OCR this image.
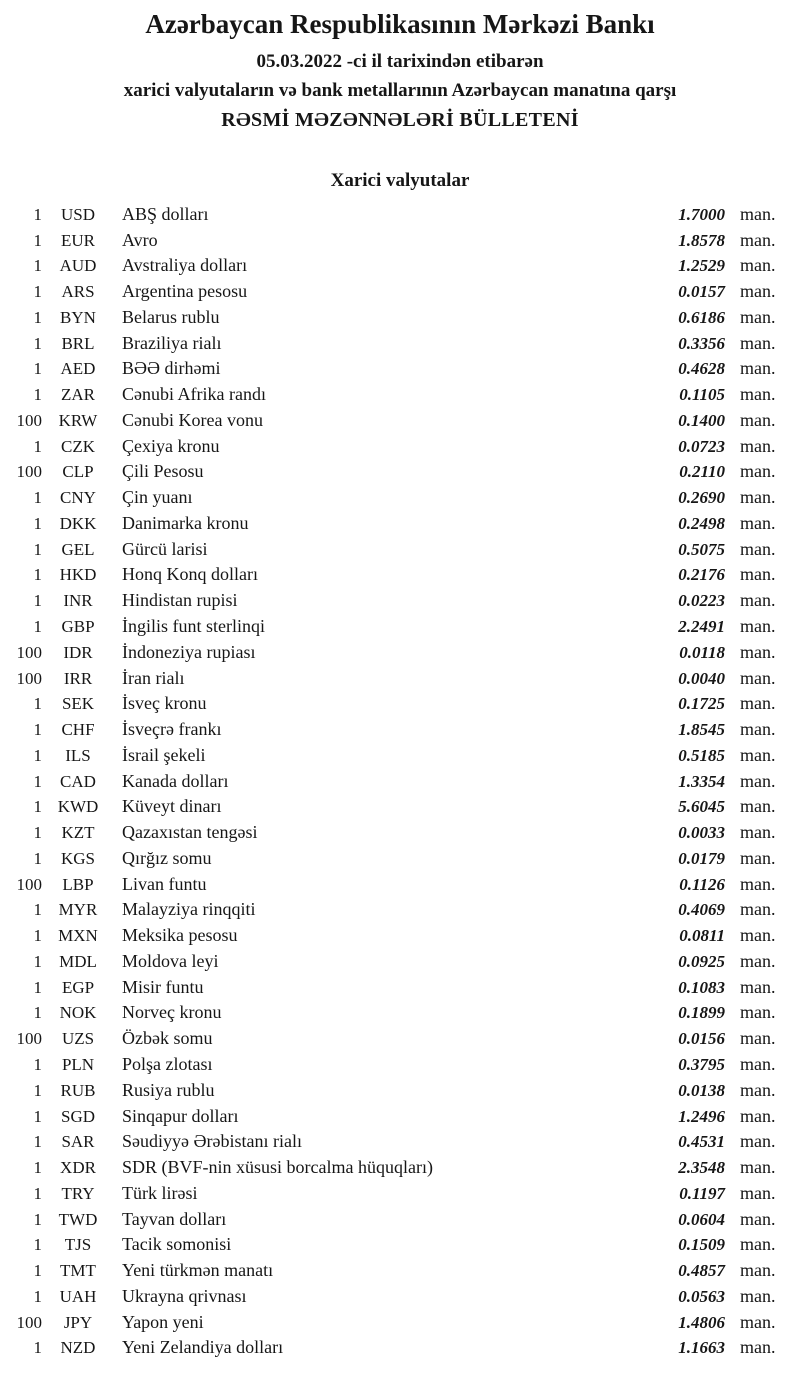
Azərbaycan Respublikasının Mərkəzi Bankı
05.03.2022 -ci il tarixindən etibarən
xarici valyutaların və bank metallarının Azərbaycan manatına qarşı
RƏSMİ MƏZƏNNƏLƏRİ BÜLLETENİ
Xarici valyutalar
1	USD	ABŞ dolları	1.7000 man.
1	EUR	Avro	1.8578 man.
1	AUD	Avstraliya dolları	1.2529 man.
1	ARS	Argentina pesosu	0.0157 man.
1	BYN	Belarus rublu	0.6186 man.
1	BRL	Braziliya rialı	0.3356 man.
1	AED	BƏƏ dirhəmi	0.4628 man.
1	ZAR	Cənubi Afrika randı	0.1105 man.
100 KRW	Cənubi Korea vonu	0.1400 man.
1	CZK	Çexiya kronu	0.0723 man.
100	CLP	Çili Pesosu	0.2110 man.
1	CNY	Çin yuanı	0.2690 man.
1	DKK	Danimarka kronu	0.2498 man.
1	GEL	Gürcü larisi	0.5075 man.
1	HKD	Honq Konq dolları	0.2176 man.
1	INR	Hindistan rupisi	0.0223 man.
1	GBP	İngilis funt sterlinqi	2.2491 man.
100	IDR	İndoneziya rupiası	0.0118 man.
100	IRR	İran rialı	0.0040 man.
1	SEK	İsveç kronu	0.1725 man.
1	CHF	İsveçrə frankı	1.8545 man.
1	ILS	İsrail şekeli	0.5185 man.
1	CAD	Kanada dolları	1.3354 man.
1 KWD	Küveyt dinarı	5.6045 man.
1	KZT	Qazaxıstan tengəsi	0.0033 man.
1	KGS	Qırğız somu	0.0179 man.
100	LBP	Livan funtu	0.1126 man.
1 MYR	Malayziya rinqqiti	0.4069 man.
1 MXN	Meksika pesosu	0.0811 man.
1	MDL	Moldova leyi	0.0925 man.
1	EGP	Misir funtu	0.1083 man.
1	NOK	Norveç kronu	0.1899 man.
100	UZS	Özbək somu	0.0156 man.
1	PLN	Polşa zlotası	0.3795 man.
1	RUB	Rusiya rublu	0.0138 man.
1	SGD	Sinqapur dolları	1.2496 man.
1	SAR	Səudiyyə Ərəbistanı rialı	0.4531 man.
1	XDR	SDR (BVF-nin xüsusi borcalma hüquqları)	2.3548 man.
1	TRY	Türk lirəsi	0.1197 man.
1 TWD	Tayvan dolları	0.0604 man.
1	TJS	Tacik somonisi	0.1509 man.
1	TMT	Yeni türkmən manatı	0.4857 man.
1	UAH	Ukrayna qrivnası	0.0563 man.
100	JPY	Yapon yeni	1.4806 man.
1	NZD	Yeni Zelandiya dolları	1.1663 man.
